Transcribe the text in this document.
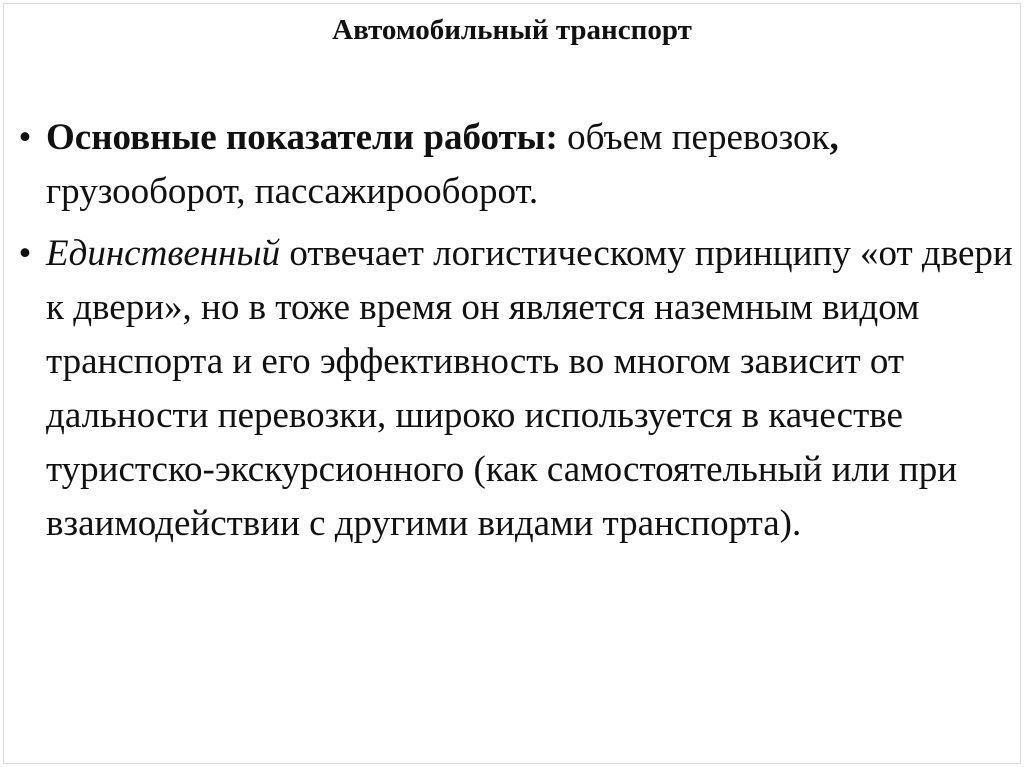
Автомобильный транспорт
• Основные показатели работы: объем перевозок, грузооборот, пассажирооборот.
• Единственный отвечает логистическому принципу «от двери к двери», но в тоже время он является наземным видом транспорта и его эффективность во многом зависит от дальности перевозки, широко используется в качестве туристско-экскурсионного (как самостоятельный или при взаимодействии с другими видами транспорта).
